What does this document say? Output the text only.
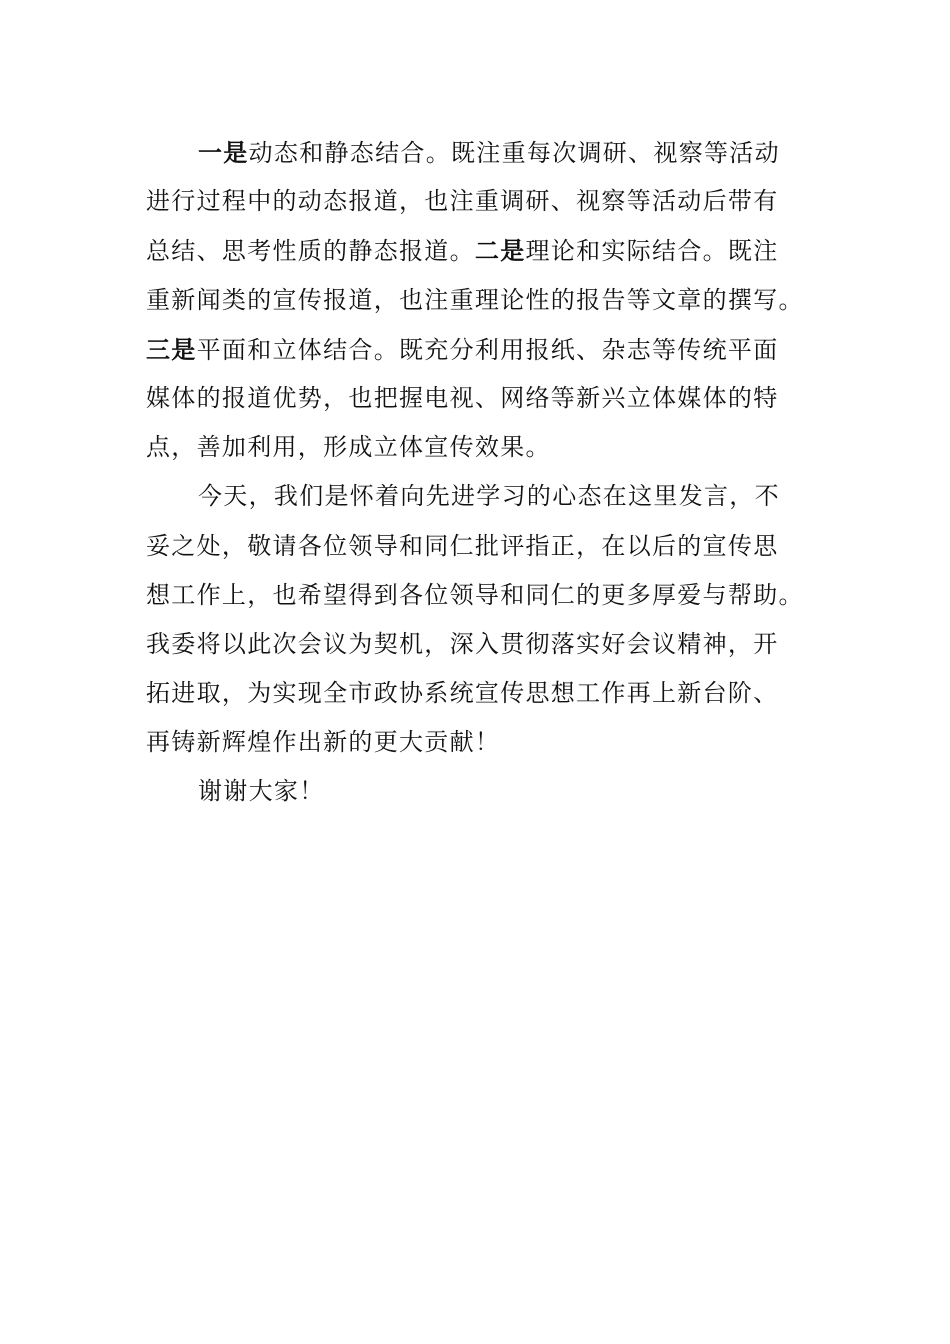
一是动态和静态结合。既注重每次调研、视察等活动
进行过程中的动态报道，也注重调研、视察等活动后带有
总结、思考性质的静态报道。二是理论和实际结合。既注
重新闻类的宣传报道，也注重理论性的报告等文章的撰写。
三是平面和立体结合。既充分利用报纸、杂志等传统平面
媒体的报道优势，也把握电视、网络等新兴立体媒体的特
点，善加利用，形成立体宣传效果。
今天，我们是怀着向先进学习的心态在这里发言，不
妥之处，敬请各位领导和同仁批评指正，在以后的宣传思
想工作上，也希望得到各位领导和同仁的更多厚爱与帮助。
我委将以此次会议为契机，深入贯彻落实好会议精神，开
拓进取，为实现全市政协系统宣传思想工作再上新台阶、
再铸新辉煌作出新的更大贡献！
谢谢大家！
